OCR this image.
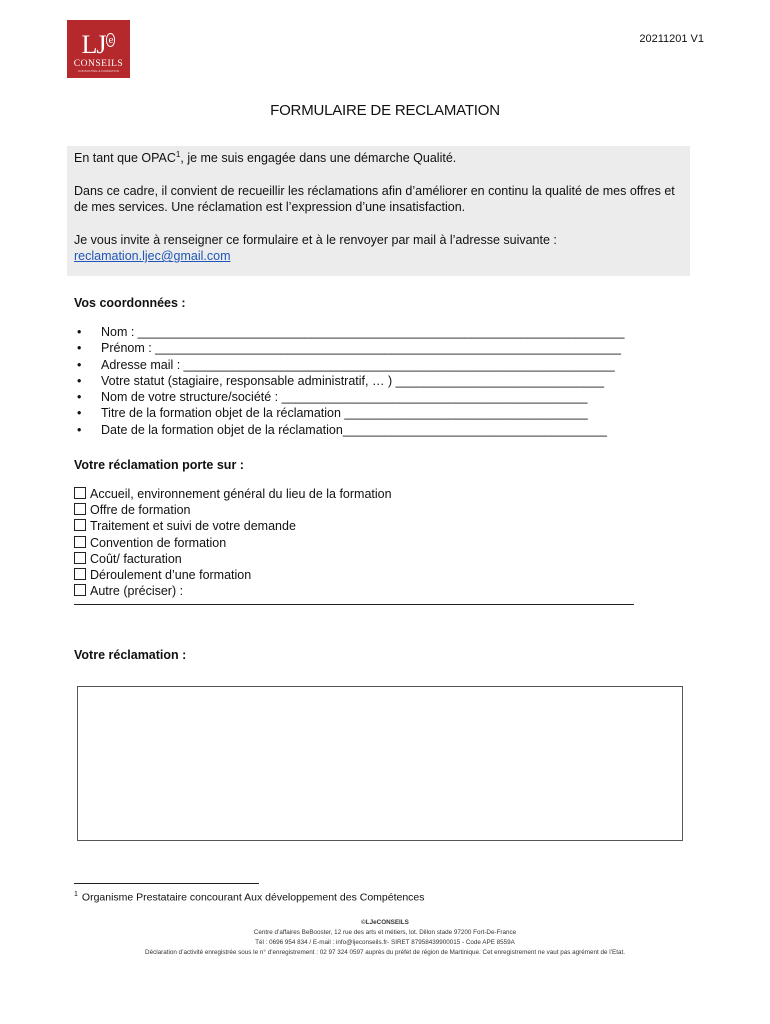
LJ $^e$
CONSEILS
CONSULTING & FORMATION
20211201 V1
FORMULAIRE DE RECLAMATION

En tant que OPAC$^1$, je me suis engagée dans une démarche Qualité.

Dans ce cadre, il convient de recueillir les réclamations afin d’améliorer en continu la qualité de mes offres et de mes services. Une réclamation est l’expression d’une insatisfaction.

Je vous invite à renseigner ce formulaire et à le renvoyer par mail à l’adresse suivante :
reclamation.ljec@gmail.com

Vos coordonnées :
• Nom : ______________________________________________________________________
• Prénom : ___________________________________________________________________
• Adresse mail : ______________________________________________________________
• Votre statut (stagiaire, responsable administratif, … ) ______________________________
• Nom de votre structure/société : ____________________________________________
• Titre de la formation objet de la réclamation ___________________________________
• Date de la formation objet de la réclamation______________________________________
Votre réclamation porte sur :
Accueil, environnement général du lieu de la formation
Offre de formation
Traitement et suivi de votre demande
Convention de formation
Coût/ facturation
Déroulement d’une formation
Autre (préciser) :
Votre réclamation :
$^1$ Organisme Prestataire concourant Aux développement des Compétences
©LJeCONSEILS
Centre d’affaires BeBooster, 12 rue des arts et métiers, lot. Dillon stade 97200 Fort-De-France
Tél : 0696 954 834 / E-mail : info@ljeconseils.fr- SIRET 87958439900015 - Code APE 8559A
Déclaration d’activité enregistrée sous le n° d’enregistrement : 02 97 324 0597 auprès du préfet de région de Martinique. Cet enregistrement ne vaut pas agrément de l’Etat.
